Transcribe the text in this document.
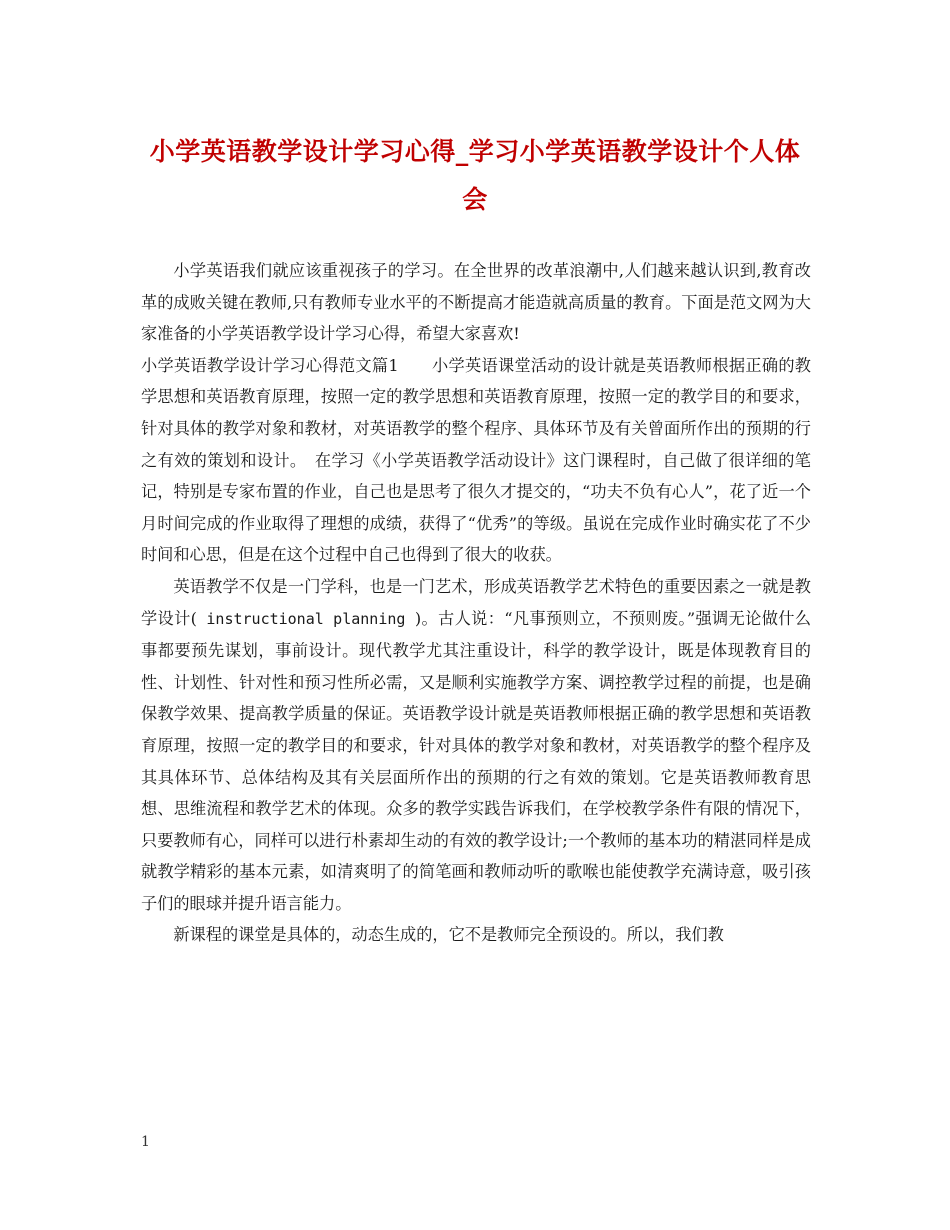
小学英语教学设计学习心得_学习小学英语教学设计个人体会

小学英语我们就应该重视孩子的学习。在全世界的改革浪潮中,人们越来越认识到,教育改革的成败关键在教师,只有教师专业水平的不断提高才能造就高质量的教育。下面是范文网为大家准备的小学英语教学设计学习心得，希望大家喜欢!

小学英语教学设计学习心得范文篇1　　小学英语课堂活动的设计就是英语教师根据正确的教学思想和英语教育原理，按照一定的教学思想和英语教育原理，按照一定的教学目的和要求，针对具体的教学对象和教材，对英语教学的整个程序、具体环节及有关曾面所作出的预期的行之有效的策划和设计。　在学习《小学英语教学活动设计》这门课程时，自己做了很详细的笔记，特别是专家布置的作业，自己也是思考了很久才提交的，“功夫不负有心人”，花了近一个月时间完成的作业取得了理想的成绩，获得了“优秀”的等级。虽说在完成作业时确实花了不少时间和心思，但是在这个过程中自己也得到了很大的收获。

英语教学不仅是一门学科，也是一门艺术，形成英语教学艺术特色的重要因素之一就是教学设计( instructional planning )。古人说：“凡事预则立，不预则废。”强调无论做什么事都要预先谋划，事前设计。现代教学尤其注重设计，科学的教学设计，既是体现教育目的性、计划性、针对性和预习性所必需，又是顺利实施教学方案、调控教学过程的前提，也是确保教学效果、提高教学质量的保证。英语教学设计就是英语教师根据正确的教学思想和英语教育原理，按照一定的教学目的和要求，针对具体的教学对象和教材，对英语教学的整个程序及其具体环节、总体结构及其有关层面所作出的预期的行之有效的策划。它是英语教师教育思想、思维流程和教学艺术的体现。众多的教学实践告诉我们，在学校教学条件有限的情况下，只要教师有心，同样可以进行朴素却生动的有效的教学设计;一个教师的基本功的精湛同样是成就教学精彩的基本元素，如清爽明了的简笔画和教师动听的歌喉也能使教学充满诗意，吸引孩子们的眼球并提升语言能力。

新课程的课堂是具体的，动态生成的，它不是教师完全预设的。所以，我们教

1
